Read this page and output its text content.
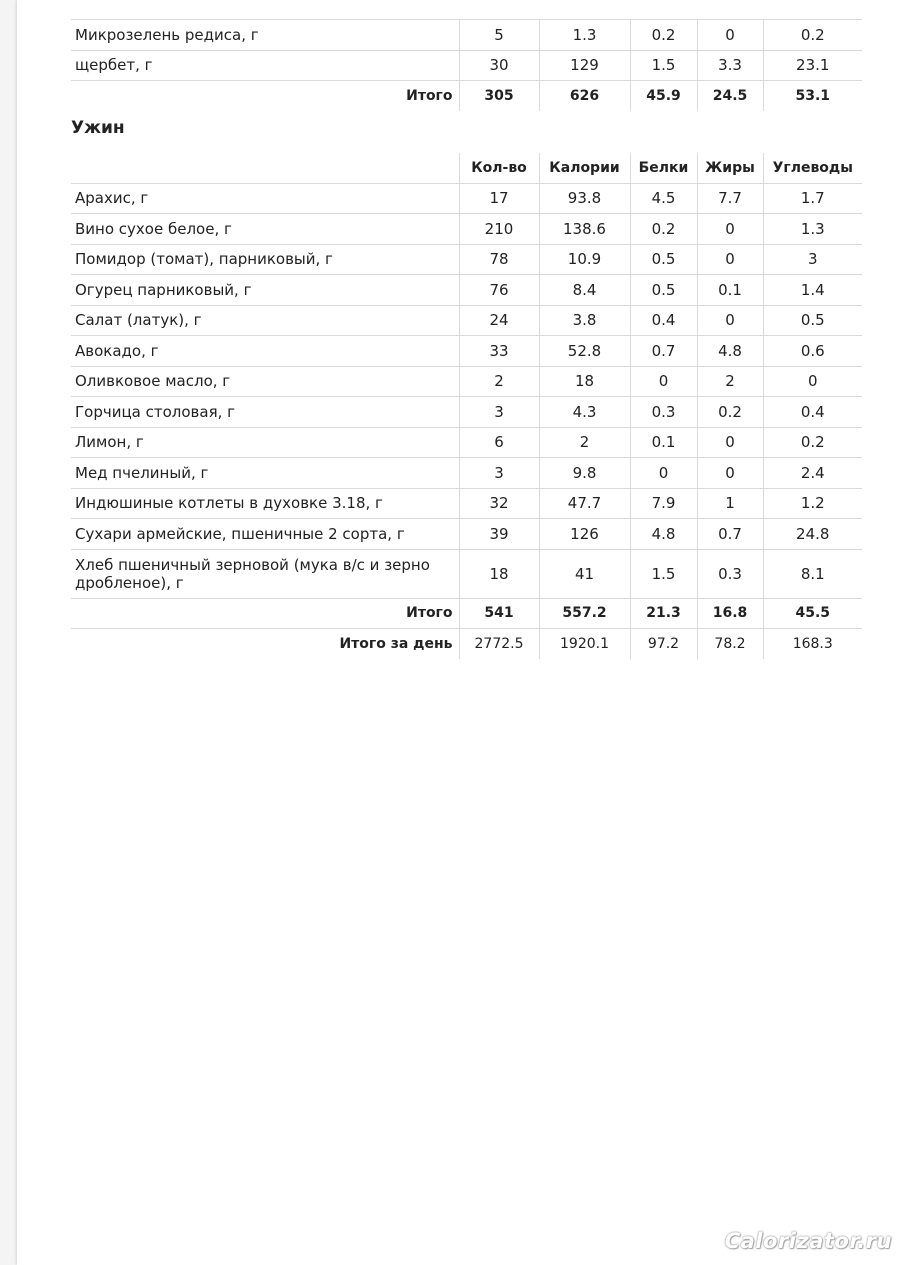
Микрозелень редиса, г	5	1.3	0.2	0	0.2
щербет, г	30	129	1.5	3.3	23.1
Итого	305	626	45.9	24.5	53.1
Ужин
	Кол-во	Калории	Белки	Жиры	Углеводы
Арахис, г	17	93.8	4.5	7.7	1.7
Вино сухое белое, г	210	138.6	0.2	0	1.3
Помидор (томат), парниковый, г	78	10.9	0.5	0	3
Огурец парниковый, г	76	8.4	0.5	0.1	1.4
Салат (латук), г	24	3.8	0.4	0	0.5
Авокадо, г	33	52.8	0.7	4.8	0.6
Оливковое масло, г	2	18	0	2	0
Горчица столовая, г	3	4.3	0.3	0.2	0.4
Лимон, г	6	2	0.1	0	0.2
Мед пчелиный, г	3	9.8	0	0	2.4
Индюшиные котлеты в духовке 3.18, г	32	47.7	7.9	1	1.2
Сухари армейские, пшеничные 2 сорта, г	39	126	4.8	0.7	24.8
Хлеб пшеничный зерновой (мука в/с и зерно дробленое), г	18	41	1.5	0.3	8.1
Итого	541	557.2	21.3	16.8	45.5
Итого за день	2772.5	1920.1	97.2	78.2	168.3
Calorizator.ru
